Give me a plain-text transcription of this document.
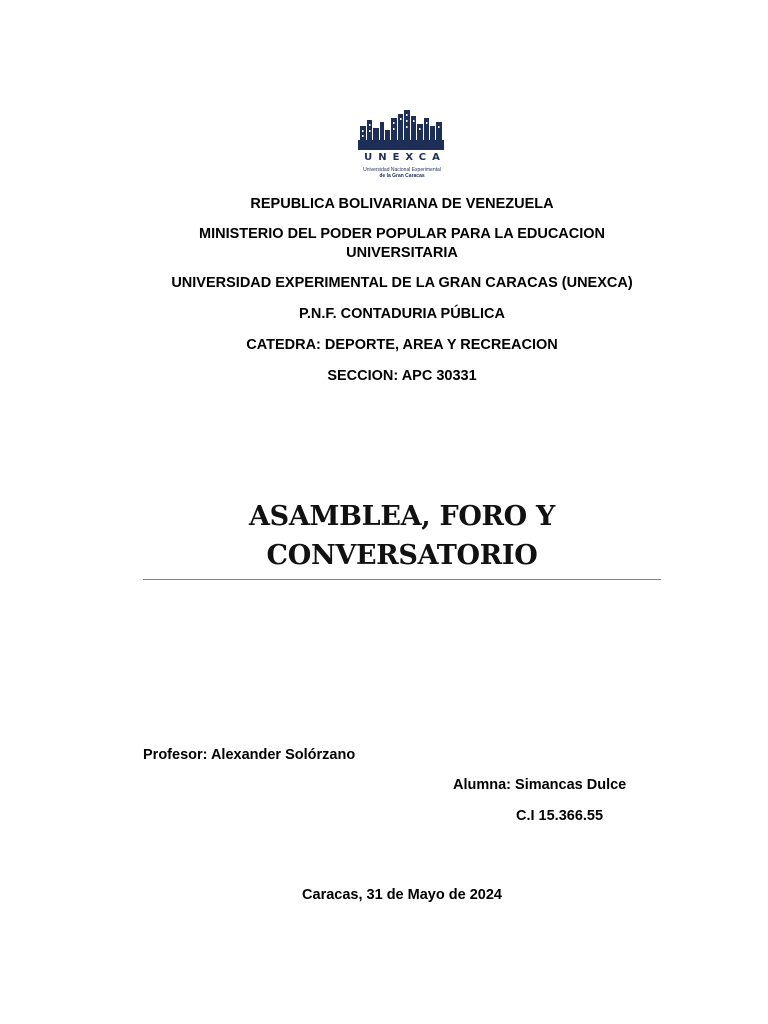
UNEXCA
Universidad Nacional Experimental
de la Gran Caracas
REPUBLICA BOLIVARIANA DE VENEZUELA
MINISTERIO DEL PODER POPULAR PARA LA EDUCACION UNIVERSITARIA
UNIVERSIDAD EXPERIMENTAL DE LA GRAN CARACAS (UNEXCA)
P.N.F. CONTADURIA PÚBLICA
CATEDRA: DEPORTE, AREA Y RECREACION
SECCION: APC 30331
ASAMBLEA, FORO Y
CONVERSATORIO
Profesor: Alexander Solórzano
Alumna: Simancas Dulce
C.I 15.366.55
Caracas, 31 de Mayo de 2024
